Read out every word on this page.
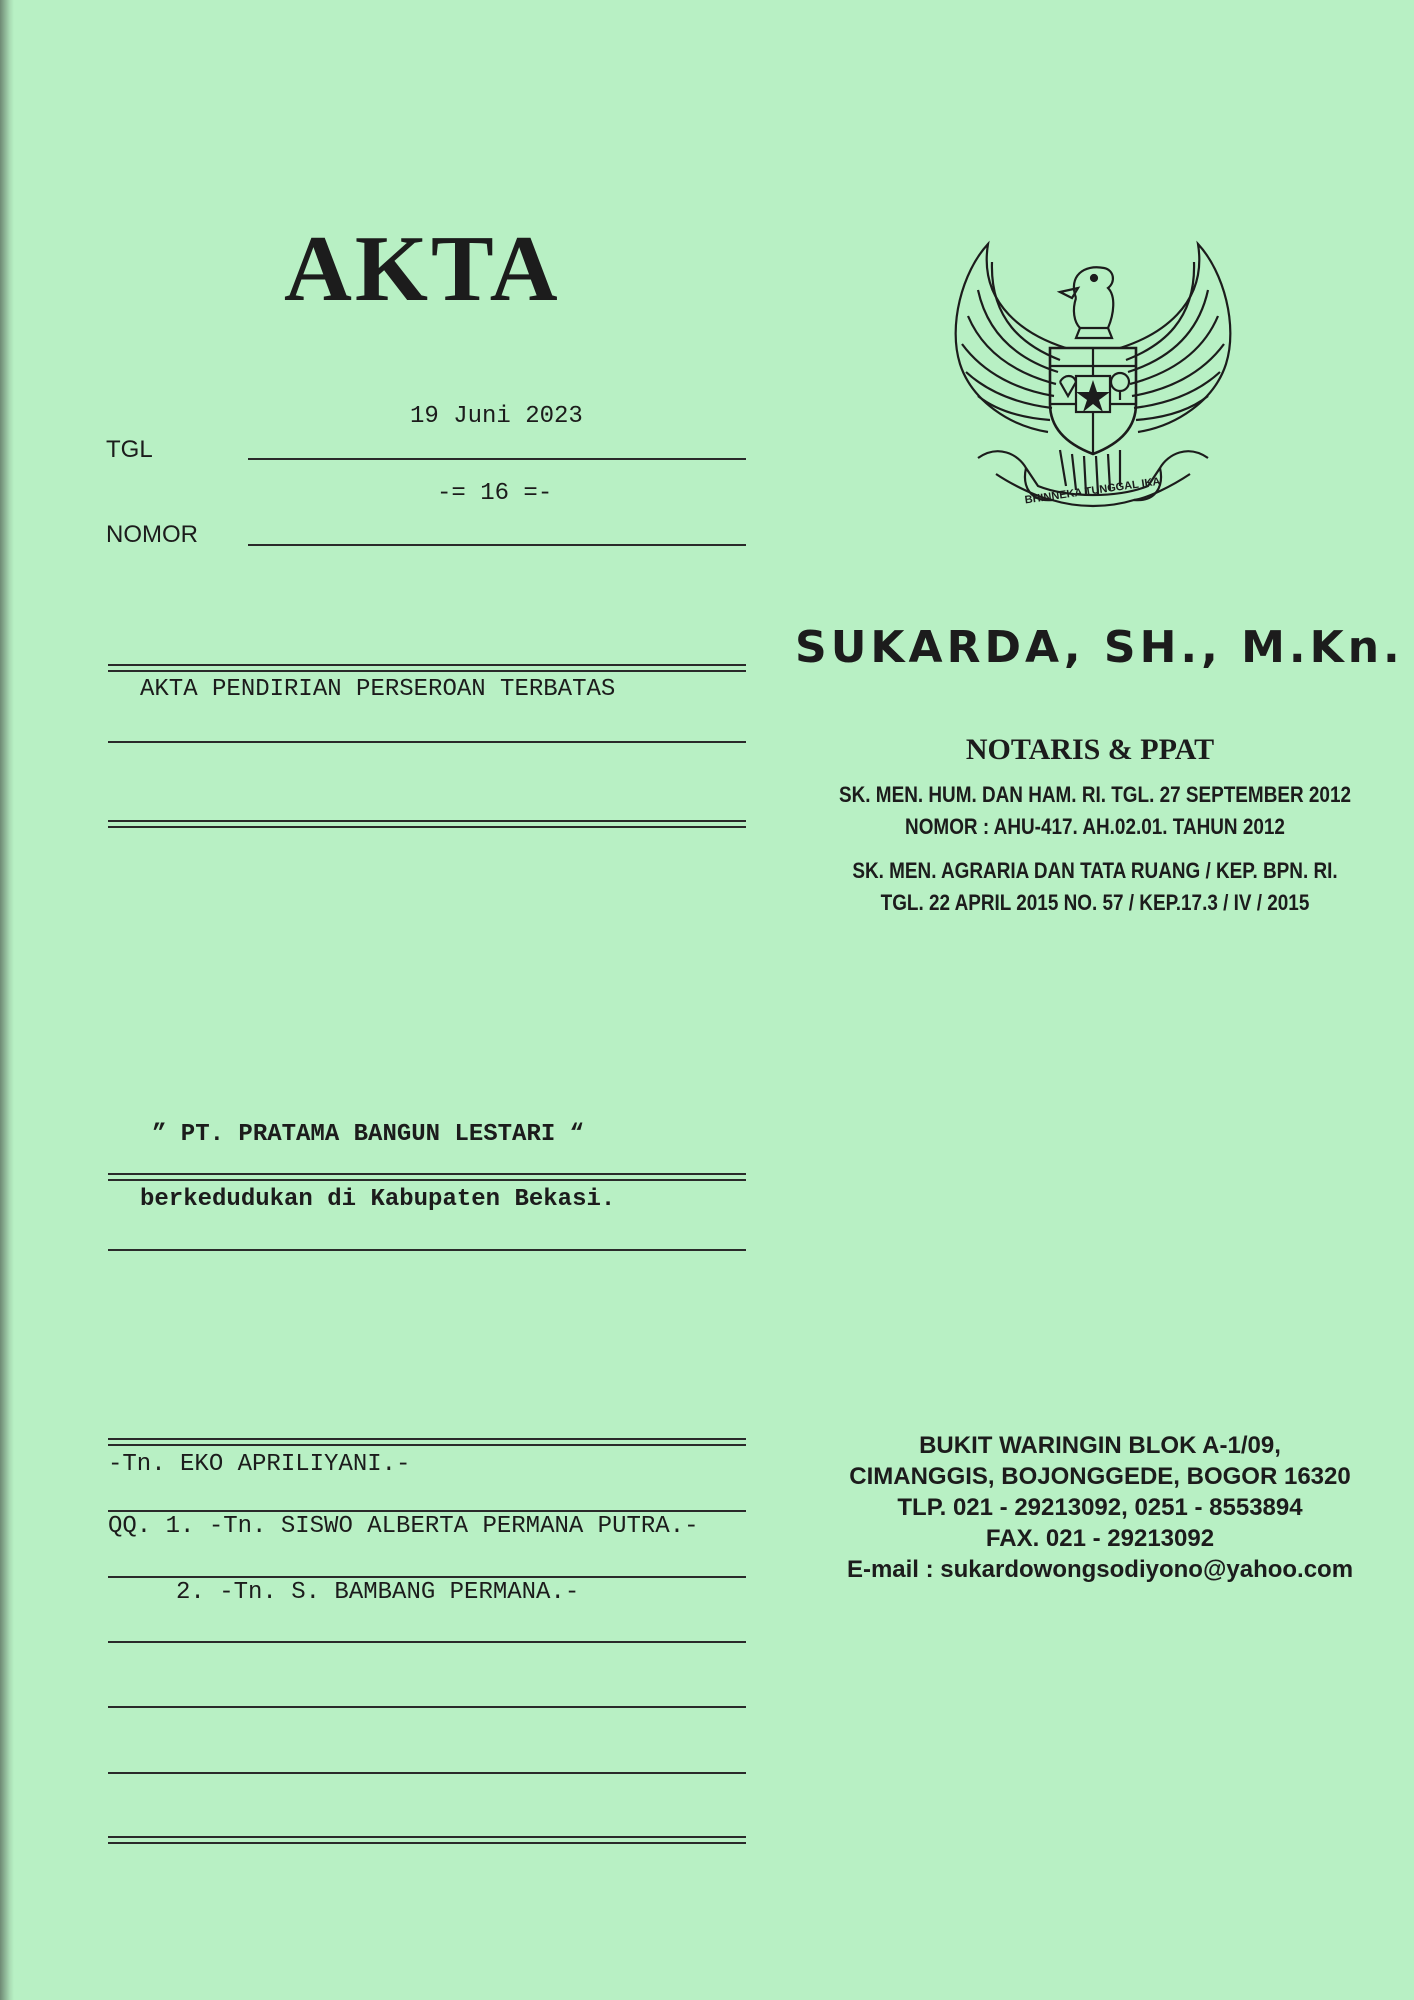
AKTA
19 Juni 2023
TGL
-= 16 =-
NOMOR
AKTA PENDIRIAN PERSEROAN TERBATAS
” PT. PRATAMA BANGUN LESTARI “
berkedudukan di Kabupaten Bekasi.
-Tn. EKO APRILIYANI.-
QQ. 1. -Tn. SISWO ALBERTA PERMANA PUTRA.-
2. -Tn. S. BAMBANG PERMANA.-
BHINNEKA TUNGGAL IKA
SUKARDA, SH., M.Kn.
NOTARIS & PPAT
SK. MEN. HUM. DAN HAM. RI. TGL. 27 SEPTEMBER 2012
NOMOR : AHU-417. AH.02.01. TAHUN 2012
SK. MEN. AGRARIA DAN TATA RUANG / KEP. BPN. RI.
TGL. 22 APRIL 2015 NO. 57 / KEP.17.3 / IV / 2015
BUKIT WARINGIN BLOK A-1/09,
CIMANGGIS, BOJONGGEDE, BOGOR 16320
TLP. 021 - 29213092, 0251 - 8553894
FAX. 021 - 29213092
E-mail : sukardowongsodiyono@yahoo.com
